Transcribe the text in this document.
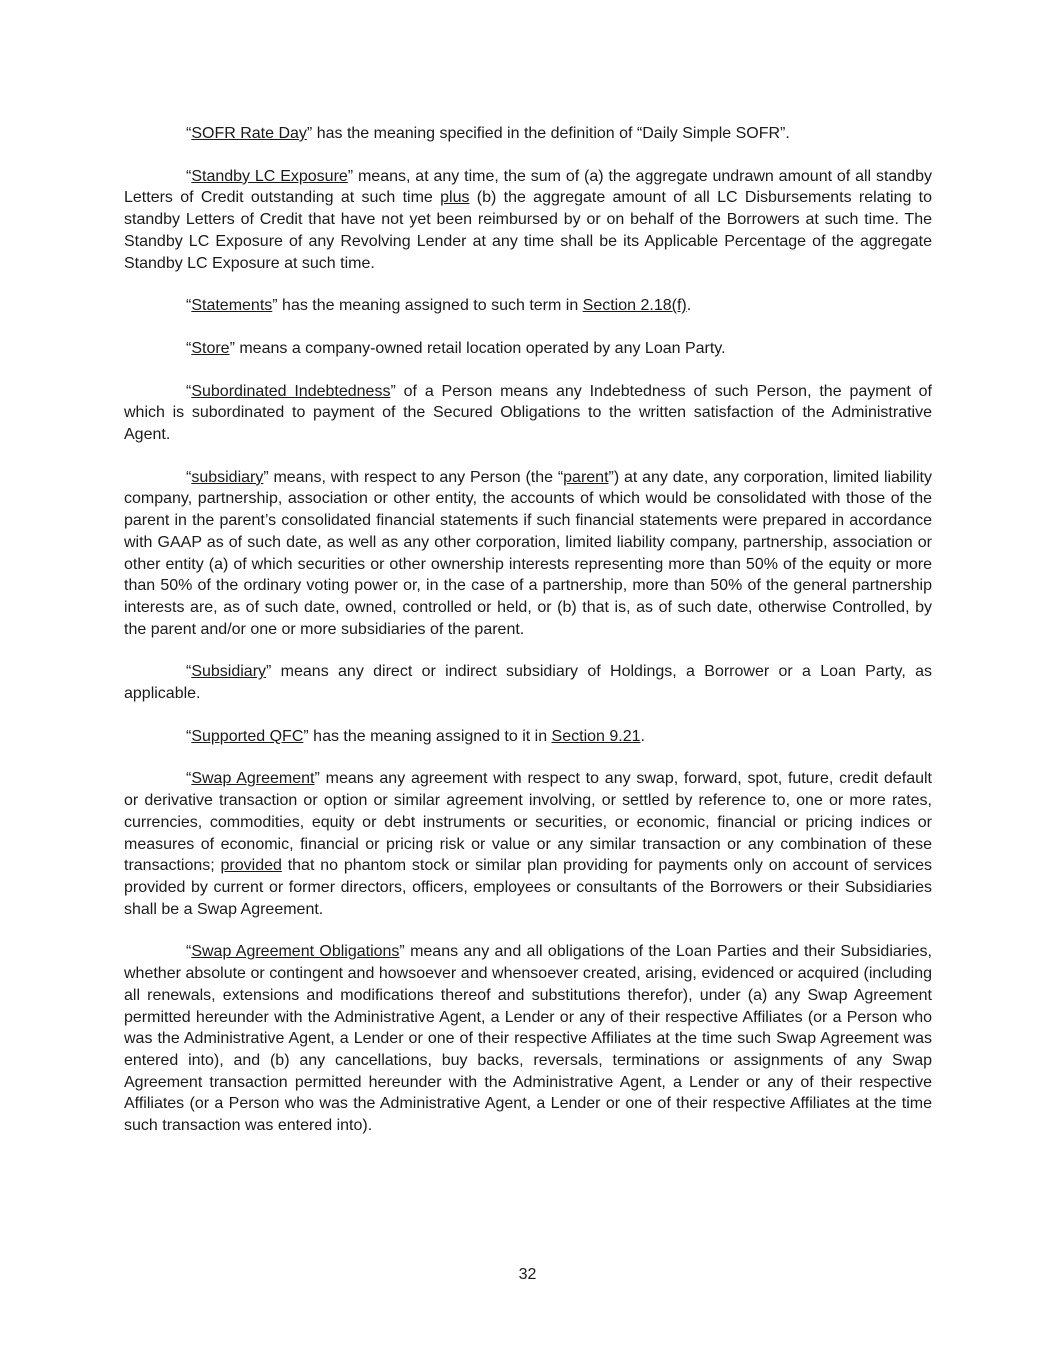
“SOFR Rate Day” has the meaning specified in the definition of “Daily Simple SOFR”.

“Standby LC Exposure” means, at any time, the sum of (a) the aggregate undrawn amount of all standby Letters of Credit outstanding at such time plus (b) the aggregate amount of all LC Disbursements relating to standby Letters of Credit that have not yet been reimbursed by or on behalf of the Borrowers at such time. The Standby LC Exposure of any Revolving Lender at any time shall be its Applicable Percentage of the aggregate Standby LC Exposure at such time.

“Statements” has the meaning assigned to such term in Section 2.18(f).

“Store” means a company-owned retail location operated by any Loan Party.

“Subordinated Indebtedness” of a Person means any Indebtedness of such Person, the payment of which is subordinated to payment of the Secured Obligations to the written satisfaction of the Administrative Agent.

“subsidiary” means, with respect to any Person (the “parent”) at any date, any corporation, limited liability company, partnership, association or other entity, the accounts of which would be consolidated with those of the parent in the parent’s consolidated financial statements if such financial statements were prepared in accordance with GAAP as of such date, as well as any other corporation, limited liability company, partnership, association or other entity (a) of which securities or other ownership interests representing more than 50% of the equity or more than 50% of the ordinary voting power or, in the case of a partnership, more than 50% of the general partnership interests are, as of such date, owned, controlled or held, or (b) that is, as of such date, otherwise Controlled, by the parent and/or one or more subsidiaries of the parent.

“Subsidiary” means any direct or indirect subsidiary of Holdings, a Borrower or a Loan Party, as applicable.

“Supported QFC” has the meaning assigned to it in Section 9.21.

“Swap Agreement” means any agreement with respect to any swap, forward, spot, future, credit default or derivative transaction or option or similar agreement involving, or settled by reference to, one or more rates, currencies, commodities, equity or debt instruments or securities, or economic, financial or pricing indices or measures of economic, financial or pricing risk or value or any similar transaction or any combination of these transactions; provided that no phantom stock or similar plan providing for payments only on account of services provided by current or former directors, officers, employees or consultants of the Borrowers or their Subsidiaries shall be a Swap Agreement.

“Swap Agreement Obligations” means any and all obligations of the Loan Parties and their Subsidiaries, whether absolute or contingent and howsoever and whensoever created, arising, evidenced or acquired (including all renewals, extensions and modifications thereof and substitutions therefor), under (a) any Swap Agreement permitted hereunder with the Administrative Agent, a Lender or any of their respective Affiliates (or a Person who was the Administrative Agent, a Lender or one of their respective Affiliates at the time such Swap Agreement was entered into), and (b) any cancellations, buy backs, reversals, terminations or assignments of any Swap Agreement transaction permitted hereunder with the Administrative Agent, a Lender or any of their respective Affiliates (or a Person who was the Administrative Agent, a Lender or one of their respective Affiliates at the time such transaction was entered into).

32
